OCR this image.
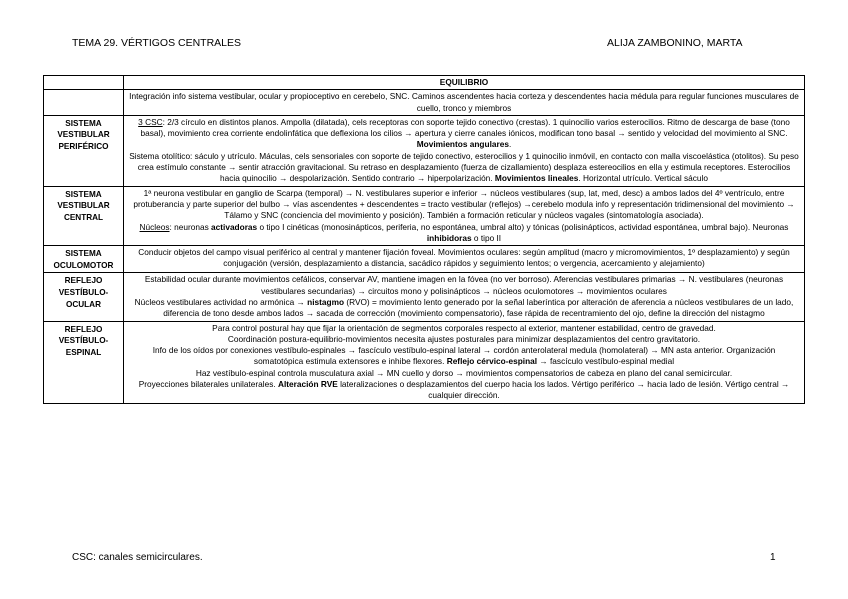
TEMA 29. VÉRTIGOS CENTRALES	ALIJA ZAMBONINO, MARTA
	EQUILIBRIO
	Integración info sistema vestibular, ocular y propioceptivo en cerebelo, SNC. Caminos ascendentes hacia corteza y descendentes hacia médula para regular funciones musculares de cuello, tronco y miembros
SISTEMA VESTIBULAR PERIFÉRICO	3 CSC: 2/3 círculo en distintos planos. Ampolla (dilatada), cels receptoras con soporte tejido conectivo (crestas). 1 quinocilio varios esterocilios. Ritmo de descarga de base (tono basal), movimiento crea corriente endolinfática que deflexiona los cilios → apertura y cierre canales iónicos, modifican tono basal → sentido y velocidad del movimiento al SNC. Movimientos angulares.
Sistema otolítico: sáculo y utrículo. Máculas, cels sensoriales con soporte de tejido conectivo, esterocilios y 1 quinocilio inmóvil, en contacto con malla viscoelástica (otolitos). Su peso crea estímulo constante → sentir atracción gravitacional. Su retraso en desplazamiento (fuerza de cizallamiento) desplaza estereocilios en ella y estimula receptores. Esterocilios hacia quinocilio → despolarización. Sentido contrario → hiperpolarización. Movimientos lineales. Horizontal utrículo. Vertical sáculo

SISTEMA VESTIBULAR CENTRAL	1ª neurona vestibular en ganglio de Scarpa (temporal) → N. vestibulares superior e inferior → núcleos vestibulares (sup, lat, med, desc) a ambos lados del 4º ventrículo, entre protuberancia y parte superior del bulbo → vías ascendentes + descendentes = tracto vestibular (reflejos) →cerebelo modula info y representación tridimensional del movimiento → Tálamo y SNC (conciencia del movimiento y posición). También a formación reticular y núcleos vagales (sintomatología asociada).
Núcleos: neuronas activadoras o tipo I cinéticas (monosinápticos, periferia, no espontánea, umbral alto) y tónicas (polisinápticos, actividad espontánea, umbral bajo). Neuronas inhibidoras o tipo II

SISTEMA OCULOMOTOR	Conducir objetos del campo visual periférico al central y mantener fijación foveal. Movimientos oculares: según amplitud (macro y micromovimientos, 1º desplazamiento) y según conjugación (versión, desplazamiento a distancia, sacádico rápidos y seguimiento lentos; o vergencia, acercamiento y alejamiento)
REFLEJO VESTÍBULO-OCULAR	Estabilidad ocular durante movimientos cefálicos, conservar AV, mantiene imagen en la fóvea (no ver borroso). Aferencias vestibulares primarias → N. vestibulares (neuronas vestibulares secundarias) → circuitos mono y polisinápticos → núcleos oculomotores → movimientos oculares
Núcleos vestibulares actividad no armónica → nistagmo (RVO) = movimiento lento generado por la señal laberíntica por alteración de aferencia a núcleos vestibulares de un lado, diferencia de tono desde ambos lados → sacada de corrección (movimiento compensatorio), fase rápida de recentramiento del ojo, define la dirección del nistagmo

REFLEJO VESTÍBULO-ESPINAL	Para control postural hay que fijar la orientación de segmentos corporales respecto al exterior, mantener estabilidad, centro de gravedad.
Coordinación postura-equilibrio-movimientos necesita ajustes posturales para minimizar desplazamientos del centro gravitatorio.
Info de los oídos por conexiones vestíbulo-espinales → fascículo vestíbulo-espinal lateral → cordón anterolateral medula (homolateral) → MN asta anterior. Organización somatotópica estimula extensores e inhibe flexores. Reflejo cérvico-espinal → fascículo vestíbulo-espinal medial
Haz vestíbulo-espinal controla musculatura axial → MN cuello y dorso → movimientos compensatorios de cabeza en plano del canal semicircular.
Proyecciones bilaterales unilaterales. Alteración RVE lateralizaciones o desplazamientos del cuerpo hacia los lados. Vértigo periférico → hacia lado de lesión. Vértigo central → cualquier dirección.
CSC: canales semicirculares.	1
